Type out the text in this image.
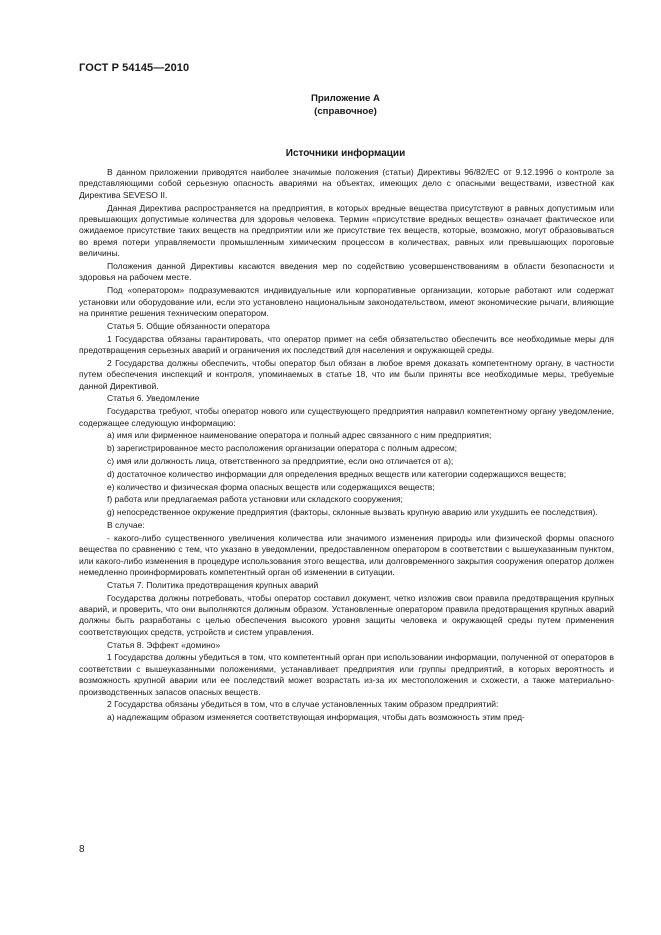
ГОСТ Р 54145—2010
Приложение А
(справочное)
Источники информации

В данном приложении приводятся наиболее значимые положения (статьи) Директивы 96/82/ЕС от 9.12.1996 о контроле за представляющими собой серьезную опасность авариями на объектах, имеющих дело с опасными веществами, известной как Директива SEVESO II.

Данная Директива распространяется на предприятия, в которых вредные вещества присутствуют в равных допустимым или превышающих допустимые количества для здоровья человека. Термин «присутствие вредных веществ» означает фактическое или ожидаемое присутствие таких веществ на предприятии или же присутствие тех веществ, которые, возможно, могут образовываться во время потери управляемости промышленным химическим процессом в количествах, равных или превышающих пороговые величины.

Положения данной Директивы касаются введения мер по содействию усовершенствованиям в области безопасности и здоровья на рабочем месте.

Под «оператором» подразумеваются индивидуальные или корпоративные организации, которые работают или содержат установки или оборудование или, если это установлено национальным законодательством, имеют экономические рычаги, влияющие на принятие решения техническим оператором.

Статья 5. Общие обязанности оператора

1 Государства обязаны гарантировать, что оператор примет на себя обязательство обеспечить все необходимые меры для предотвращения серьезных аварий и ограничения их последствий для населения и окружающей среды.

2 Государства должны обеспечить, чтобы оператор был обязан в любое время доказать компетентному органу, в частности путем обеспечения инспекций и контроля, упоминаемых в статье 18, что им были приняты все необходимые меры, требуемые данной Директивой.

Статья 6. Уведомление

Государства требуют, чтобы оператор нового или существующего предприятия направил компетентному органу уведомление, содержащее следующую информацию:

а) имя или фирменное наименование оператора и полный адрес связанного с ним предприятия;

b) зарегистрированное место расположения организации оператора с полным адресом;

с) имя или должность лица, ответственного за предприятие, если оно отличается от а);

d) достаточное количество информации для определения вредных веществ или категории содержащихся веществ;

е) количество и физическая форма опасных веществ или содержащихся веществ;

f) работа или предлагаемая работа установки или складского сооружения;

g) непосредственное окружение предприятия (факторы, склонные вызвать крупную аварию или ухудшить ее последствия).

В случае:

- какого-либо существенного увеличения количества или значимого изменения природы или физической формы опасного вещества по сравнению с тем, что указано в уведомлении, предоставленном оператором в соответствии с вышеуказанным пунктом, или какого-либо изменения в процедуре использования этого вещества, или долговременного закрытия сооружения оператор должен немедленно проинформировать компетентный орган об изменении в ситуации.

Статья 7. Политика предотвращения крупных аварий

Государства должны потребовать, чтобы оператор составил документ, четко изложив свои правила предотвращения крупных аварий, и проверить, что они выполняются должным образом. Установленные оператором правила предотвращения крупных аварий должны быть разработаны с целью обеспечения высокого уровня защиты человека и окружающей среды путем применения соответствующих средств, устройств и систем управления.

Статья 8. Эффект «домино»

1 Государства должны убедиться в том, что компетентный орган при использовании информации, полученной от операторов в соответствии с вышеуказанными положениями, устанавливает предприятия или группы предприятий, в которых вероятность и возможность крупной аварии или ее последствий может возрастать из-за их местоположения и схожести, а также материально-производственных запасов опасных веществ.

2 Государства обязаны убедиться в том, что в случае установленных таким образом предприятий:

а) надлежащим образом изменяется соответствующая информация, чтобы дать возможность этим пред-

8
